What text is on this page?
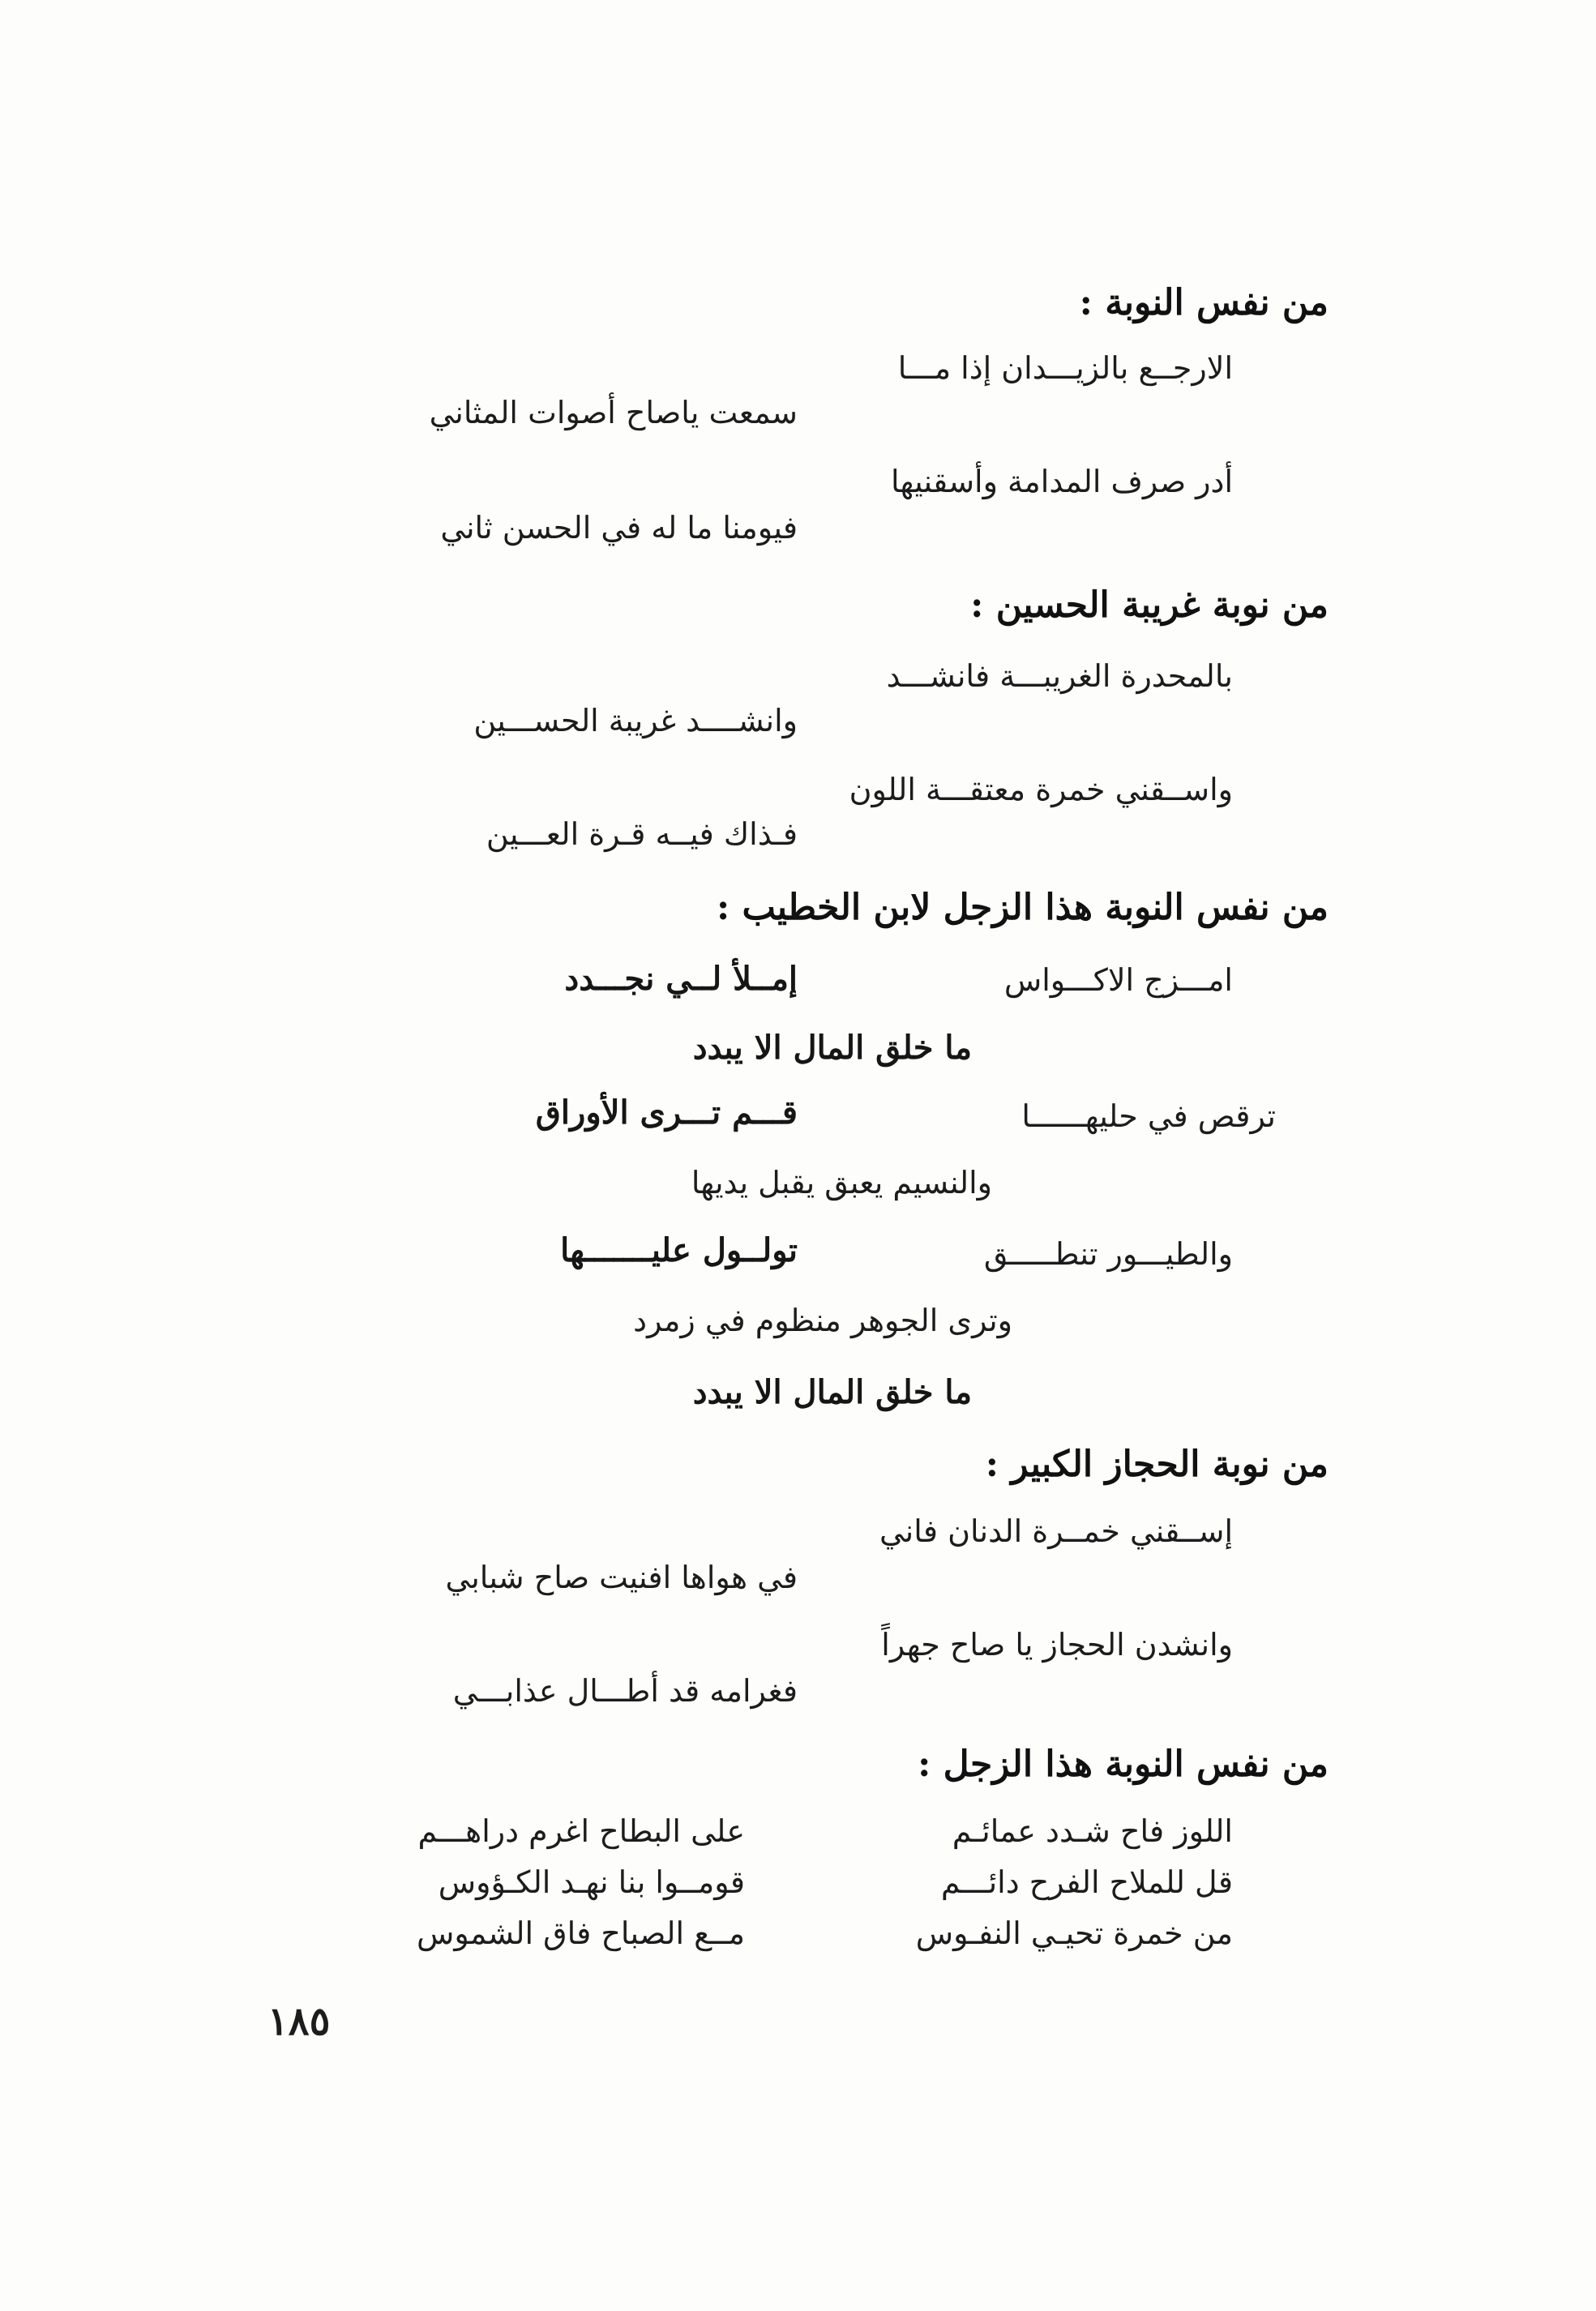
من نفس النوبة :
الارجــع بالزيـــدان إذا مـــا
سمعت ياصاح أصوات المثاني
أدر صرف المدامة وأسقنيها
فيومنا ما له في الحسن ثاني
من نوبة غريبة الحسين :
بالمحدرة الغريبـــة فانشـــد
وانشــــد غريبة الحســـين
واســقني خمرة معتقـــة اللون
فـذاك فيــه قـرة العـــين
من نفس النوبة هذا الزجل لابن الخطيب :
امـــزج الاكـــواس
إمــلأ لــي نجـــدد
ما خلق المال الا يبدد
ترقص في حليهــــــا
قـــم تـــرى الأوراق
والنسيم يعبق يقبل يديها
والطيـــور تنطـــــق
تولــول عليـــــــها
وترى الجوهر منظوم في زمرد
ما خلق المال الا يبدد
من نوبة الحجاز الكبير :
إســقني خمــرة الدنان فاني
في هواها افنيت صاح شبابي
وانشدن الحجاز يا صاح جهراً
فغرامه قد أطـــال عذابـــي
من نفس النوبة هذا الزجل :
اللوز فاح شـدد عمائـم
على البطاح اغرم دراهـــم
قل للملاح الفرح دائـــم
قومــوا بنا نهـد الكـؤوس
من خمرة تحيـي النفـوس
مــع الصباح فاق الشموس
١٨٥
